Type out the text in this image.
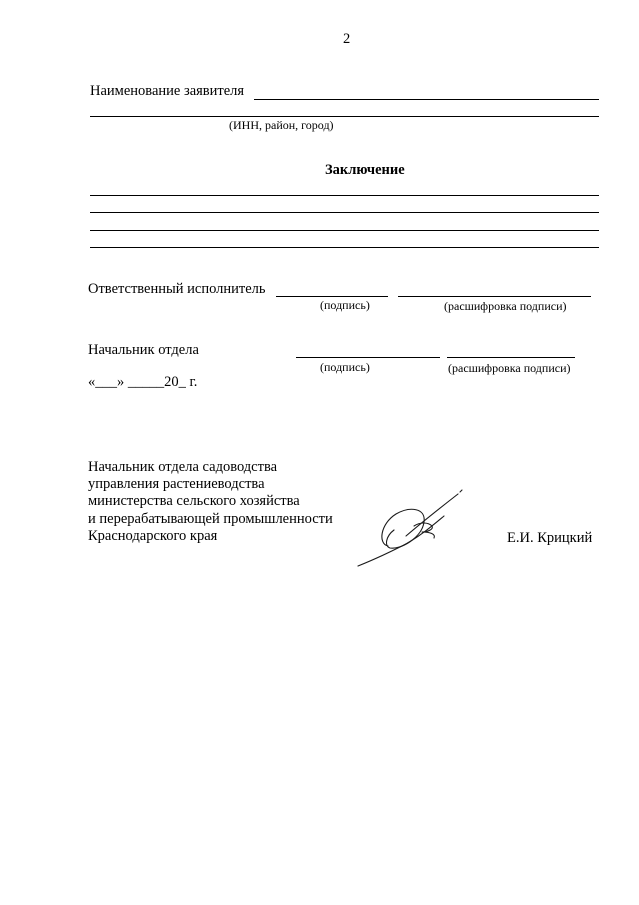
2
Наименование заявителя
(ИНН, район, город)
Заключение
Ответственный исполнитель
(подпись)	(расшифровка подписи)
Начальник отдела
(подпись)	(расшифровка подписи)
«___» _____20_ г.
Начальник отдела садоводства
управления растениеводства
министерства сельского хозяйства
и перерабатывающей промышленности
Краснодарского края	Е.И. Крицкий
